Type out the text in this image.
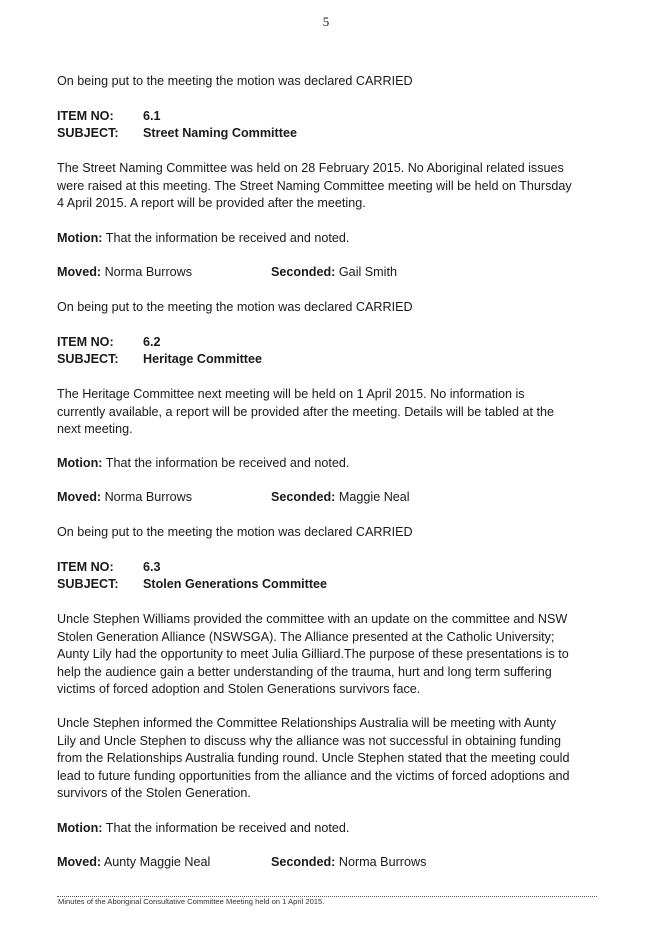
5

On being put to the meeting the motion was declared CARRIED

ITEM NO: 6.1

SUBJECT: Street Naming Committee

The Street Naming Committee was held on 28 February 2015. No Aboriginal related issues

were raised at this meeting. The Street Naming Committee meeting will be held on Thursday

4 April 2015. A report will be provided after the meeting.

Motion: That the information be received and noted.

Moved: Norma Burrows	Seconded: Gail Smith

On being put to the meeting the motion was declared CARRIED

ITEM NO: 6.2

SUBJECT: Heritage Committee

The Heritage Committee next meeting will be held on 1 April 2015. No information is

currently available, a report will be provided after the meeting. Details will be tabled at the

next meeting.

Motion: That the information be received and noted.

Moved: Norma Burrows	Seconded: Maggie Neal

On being put to the meeting the motion was declared CARRIED

ITEM NO: 6.3

SUBJECT: Stolen Generations Committee

Uncle Stephen Williams provided the committee with an update on the committee and NSW

Stolen Generation Alliance (NSWSGA). The Alliance presented at the Catholic University;

Aunty Lily had the opportunity to meet Julia Gilliard.The purpose of these presentations is to

help the audience gain a better understanding of the trauma, hurt and long term suffering

victims of forced adoption and Stolen Generations survivors face.

Uncle Stephen informed the Committee Relationships Australia will be meeting with Aunty

Lily and Uncle Stephen to discuss why the alliance was not successful in obtaining funding

from the Relationships Australia funding round. Uncle Stephen stated that the meeting could

lead to future funding opportunities from the alliance and the victims of forced adoptions and

survivors of the Stolen Generation.

Motion: That the information be received and noted.

Moved: Aunty Maggie Neal	Seconded: Norma Burrows

Minutes of the Aboriginal Consultative Committee Meeting held on 1 April 2015.
